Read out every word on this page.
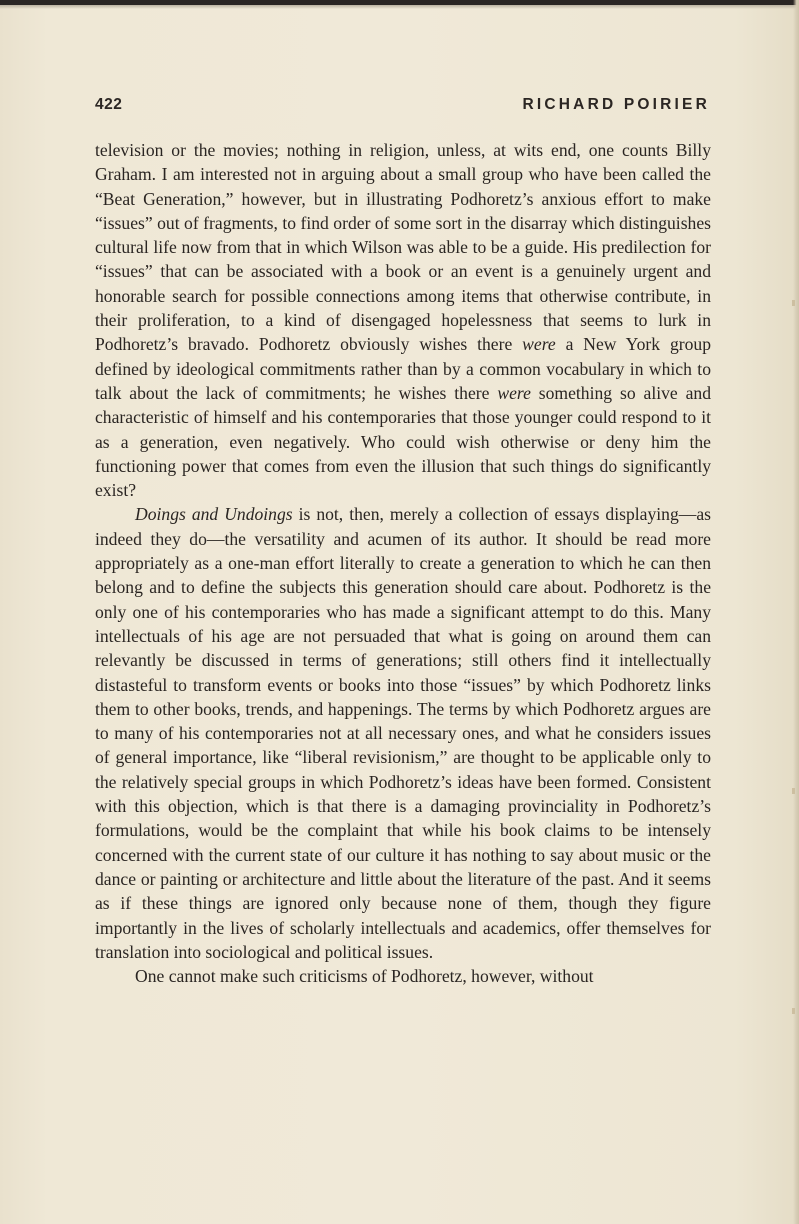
422	RICHARD POIRIER

television or the movies; nothing in religion, unless, at wits end, one counts Billy Graham. I am interested not in arguing about a small group who have been called the “Beat Generation,” however, but in illustrating Podhoretz’s anxious effort to make “issues” out of fragments, to find order of some sort in the disarray which distinguishes cultural life now from that in which Wilson was able to be a guide. His predilection for “issues” that can be associated with a book or an event is a genuinely urgent and honorable search for possible connections among items that otherwise contribute, in their proliferation, to a kind of disengaged hopelessness that seems to lurk in Podhoretz’s bravado. Podhoretz obviously wishes there were a New York group defined by ideological commitments rather than by a common vocabulary in which to talk about the lack of commitments; he wishes there were something so alive and characteristic of himself and his contemporaries that those younger could respond to it as a generation, even negatively. Who could wish otherwise or deny him the functioning power that comes from even the illusion that such things do significantly exist?

Doings and Undoings is not, then, merely a collection of essays displaying—as indeed they do—the versatility and acumen of its author. It should be read more appropriately as a one-man effort literally to create a generation to which he can then belong and to define the subjects this generation should care about. Podhoretz is the only one of his contemporaries who has made a significant attempt to do this. Many intellectuals of his age are not persuaded that what is going on around them can relevantly be discussed in terms of generations; still others find it intellectually distasteful to transform events or books into those “issues” by which Podhoretz links them to other books, trends, and happenings. The terms by which Podhoretz argues are to many of his contemporaries not at all necessary ones, and what he considers issues of general importance, like “liberal revisionism,” are thought to be applicable only to the relatively special groups in which Podhoretz’s ideas have been formed. Consistent with this objection, which is that there is a damaging provinciality in Podhoretz’s formulations, would be the complaint that while his book claims to be intensely concerned with the current state of our culture it has nothing to say about music or the dance or painting or architecture and little about the literature of the past. And it seems as if these things are ignored only because none of them, though they figure importantly in the lives of scholarly intellectuals and academics, offer themselves for translation into sociological and political issues.

One cannot make such criticisms of Podhoretz, however, without
